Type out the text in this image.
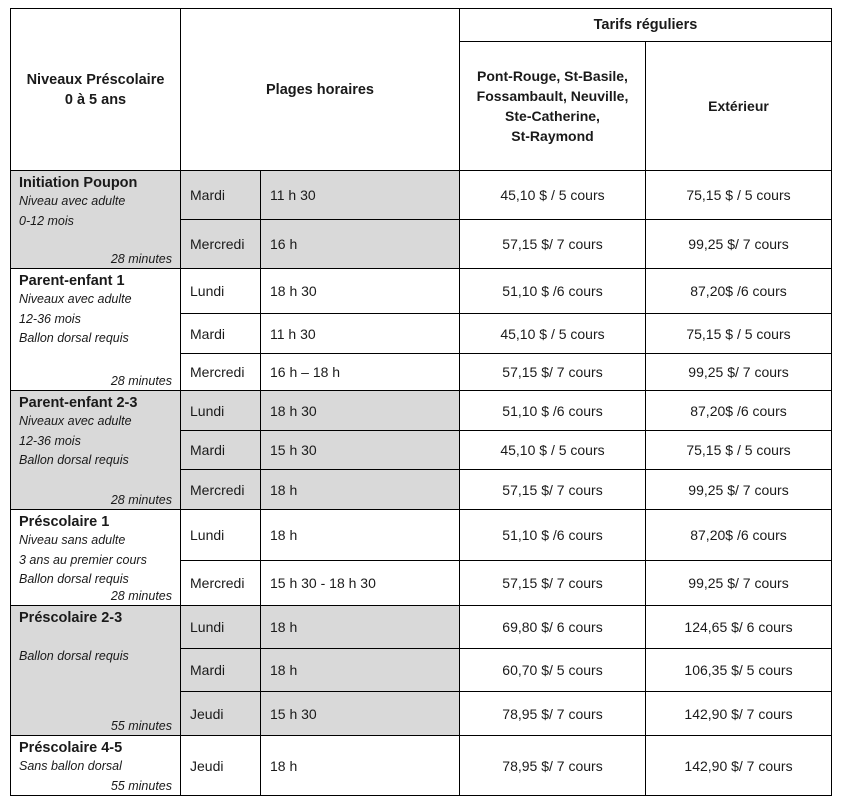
Niveaux Préscolaire
0 à 5 ans	Plages horaires		Tarifs réguliers	
			Pont-Rouge, St-Basile,
Fossambault, Neuville,
Ste-Catherine,
St-Raymond	Extérieur

Initiation Poupon
Niveau avec adulte
0-12 mois
28 minutes	Mardi	11 h 30	45,10 $ / 5 cours	75,15 $ / 5 cours
	Mercredi	16 h	57,15 $/ 7 cours	99,25 $/ 7 cours

Parent-enfant 1
Niveaux avec adulte
12-36 mois
Ballon dorsal requis
28 minutes	Lundi	18 h 30	51,10 $ /6 cours	87,20$ /6 cours
	Mardi	11 h 30	45,10 $ / 5 cours	75,15 $ / 5 cours
	Mercredi	16 h – 18 h	57,15 $/ 7 cours	99,25 $/ 7 cours

Parent-enfant 2-3
Niveaux avec adulte
12-36 mois
Ballon dorsal requis
28 minutes	Lundi	18 h 30	51,10 $ /6 cours	87,20$ /6 cours
	Mardi	15 h 30	45,10 $ / 5 cours	75,15 $ / 5 cours
	Mercredi	18 h	57,15 $/ 7 cours	99,25 $/ 7 cours

Préscolaire 1
Niveau sans adulte
3 ans au premier cours
Ballon dorsal requis
28 minutes	Lundi	18 h	51,10 $ /6 cours	87,20$ /6 cours
	Mercredi	15 h 30 - 18 h 30	57,15 $/ 7 cours	99,25 $/ 7 cours

Préscolaire 2-3
Ballon dorsal requis
55 minutes	Lundi	18 h	69,80 $/ 6 cours	124,65 $/ 6 cours
	Mardi	18 h	60,70 $/ 5 cours	106,35 $/ 5 cours
	Jeudi	15 h 30	78,95 $/ 7 cours	142,90 $/ 7 cours

Préscolaire 4-5
Sans ballon dorsal
55 minutes	Jeudi	18 h	78,95 $/ 7 cours	142,90 $/ 7 cours
